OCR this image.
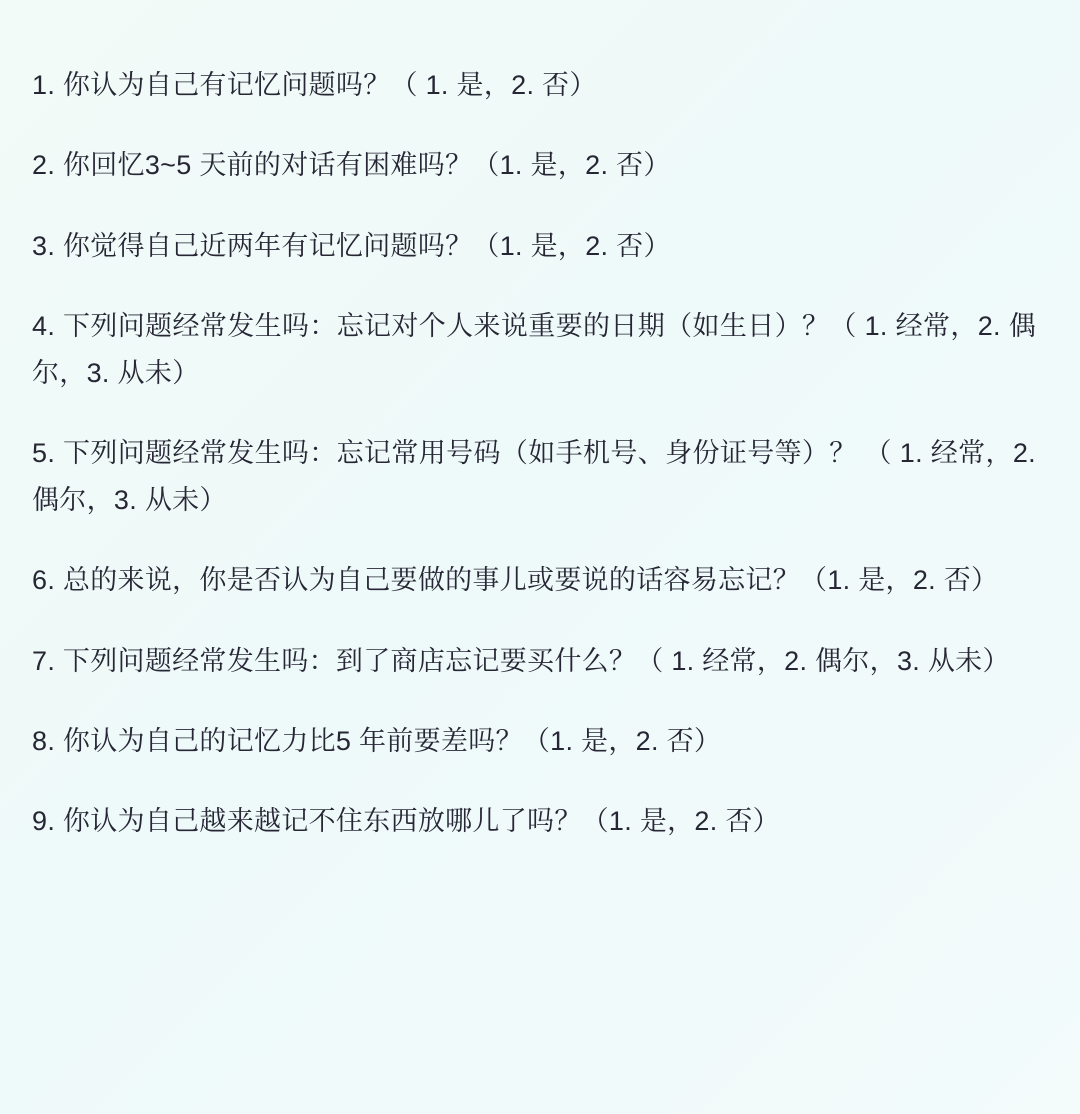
1. 你认为自己有记忆问题吗？（ 1. 是，2. 否）

2. 你回忆3~5 天前的对话有困难吗？（1. 是，2. 否）

3. 你觉得自己近两年有记忆问题吗？（1. 是，2. 否）

4. 下列问题经常发生吗：忘记对个人来说重要的日期（如生日）？（ 1. 经常，2. 偶尔，3. 从未）

5. 下列问题经常发生吗：忘记常用号码（如手机号、身份证号等）？ （ 1. 经常，2. 偶尔，3. 从未）

6. 总的来说，你是否认为自己要做的事儿或要说的话容易忘记？（1. 是，2. 否）

7. 下列问题经常发生吗：到了商店忘记要买什么？（ 1. 经常，2. 偶尔，3. 从未）

8. 你认为自己的记忆力比5 年前要差吗？（1. 是，2. 否）

9. 你认为自己越来越记不住东西放哪儿了吗？（1. 是，2. 否）
